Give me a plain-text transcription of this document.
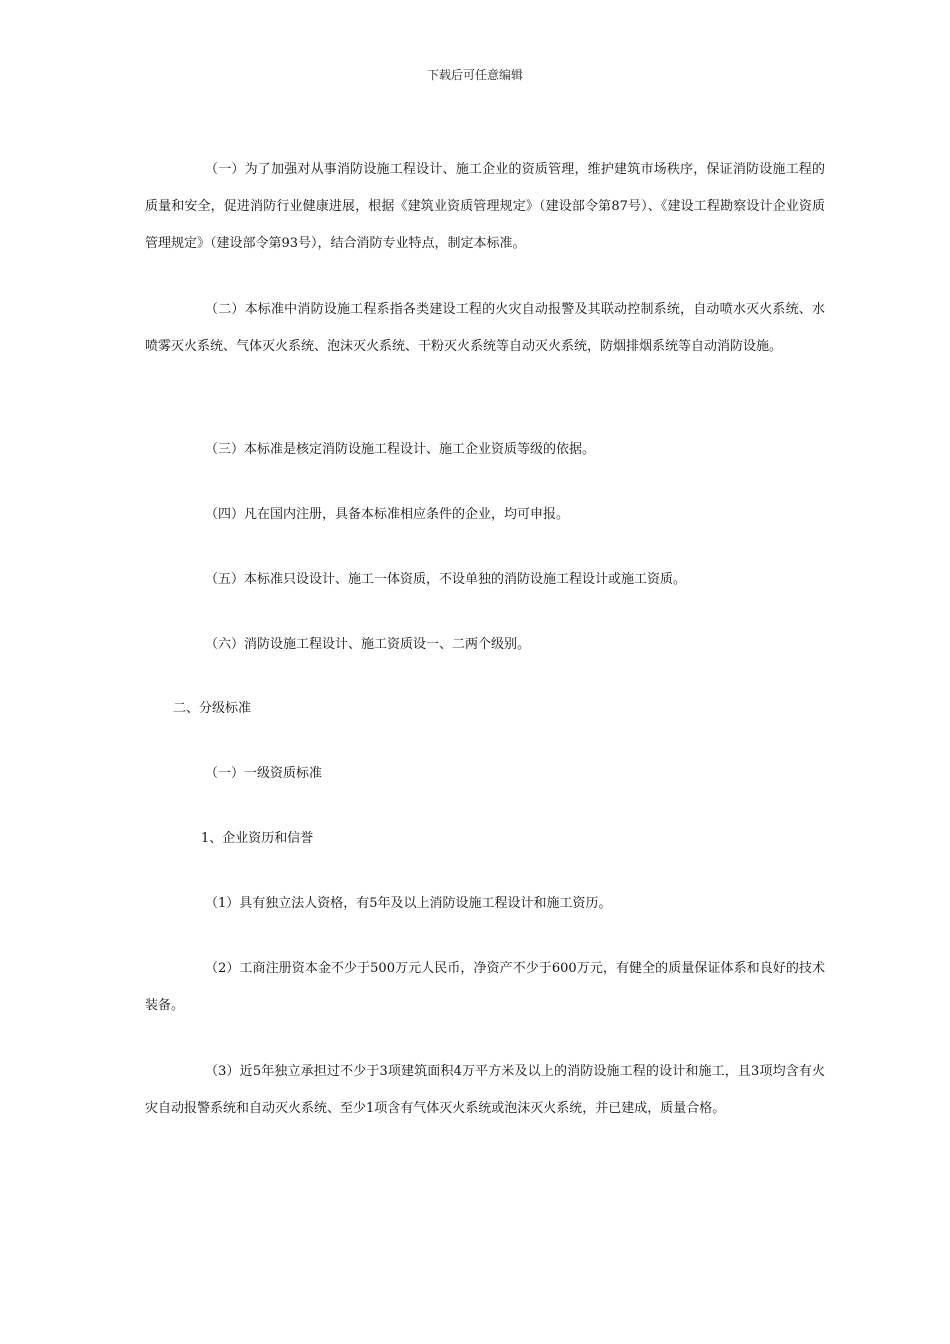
下载后可任意编辑

（一）为了加强对从事消防设施工程设计、施工企业的资质管理，维护建筑市场秩序，保证消防设施工程的质量和安全，促进消防行业健康进展，根据《建筑业资质管理规定》（建设部令第87号）、《建设工程勘察设计企业资质管理规定》（建设部令第93号），结合消防专业特点，制定本标准。

（二）本标准中消防设施工程系指各类建设工程的火灾自动报警及其联动控制系统，自动喷水灭火系统、水喷雾灭火系统、气体灭火系统、泡沫灭火系统、干粉灭火系统等自动灭火系统，防烟排烟系统等自动消防设施。

（三）本标准是核定消防设施工程设计、施工企业资质等级的依据。

（四）凡在国内注册，具备本标准相应条件的企业，均可申报。

（五）本标准只设设计、施工一体资质，不设单独的消防设施工程设计或施工资质。

（六）消防设施工程设计、施工资质设一、二两个级别。

二、分级标准

（一）一级资质标准

1、企业资历和信誉

（1）具有独立法人资格，有5年及以上消防设施工程设计和施工资历。

（2）工商注册资本金不少于500万元人民币，净资产不少于600万元，有健全的质量保证体系和良好的技术装备。

（3）近5年独立承担过不少于3项建筑面积4万平方米及以上的消防设施工程的设计和施工，且3项均含有火灾自动报警系统和自动灭火系统、至少1项含有气体灭火系统或泡沫灭火系统，并已建成，质量合格。
